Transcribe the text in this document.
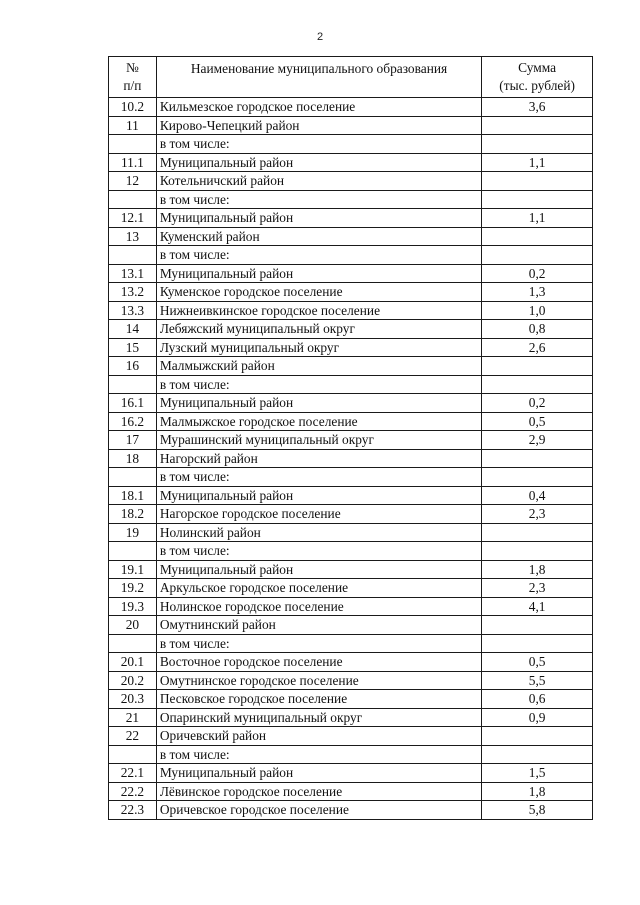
2
№
п/п	Наименование муниципального образования	Сумма
(тыс. рублей)

10.2	Кильмезское городское поселение	3,6
11	Кирово-Чепецкий район	
	в том числе:	
11.1	Муниципальный район	1,1
12	Котельничский район	
	в том числе:	
12.1	Муниципальный район	1,1
13	Куменский район	
	в том числе:	
13.1	Муниципальный район	0,2
13.2	Куменское городское поселение	1,3
13.3	Нижнеивкинское городское поселение	1,0
14	Лебяжский муниципальный округ	0,8
15	Лузский муниципальный округ	2,6
16	Малмыжский район	
	в том числе:	
16.1	Муниципальный район	0,2
16.2	Малмыжское городское поселение	0,5
17	Мурашинский муниципальный округ	2,9
18	Нагорский район	
	в том числе:	
18.1	Муниципальный район	0,4
18.2	Нагорское городское поселение	2,3
19	Нолинский район	
	в том числе:	
19.1	Муниципальный район	1,8
19.2	Аркульское городское поселение	2,3
19.3	Нолинское городское поселение	4,1
20	Омутнинский район	
	в том числе:	
20.1	Восточное городское поселение	0,5
20.2	Омутнинское городское поселение	5,5
20.3	Песковское городское поселение	0,6
21	Опаринский муниципальный округ	0,9
22	Оричевский район	
	в том числе:	
22.1	Муниципальный район	1,5
22.2	Лёвинское городское поселение	1,8
22.3	Оричевское городское поселение	5,8
